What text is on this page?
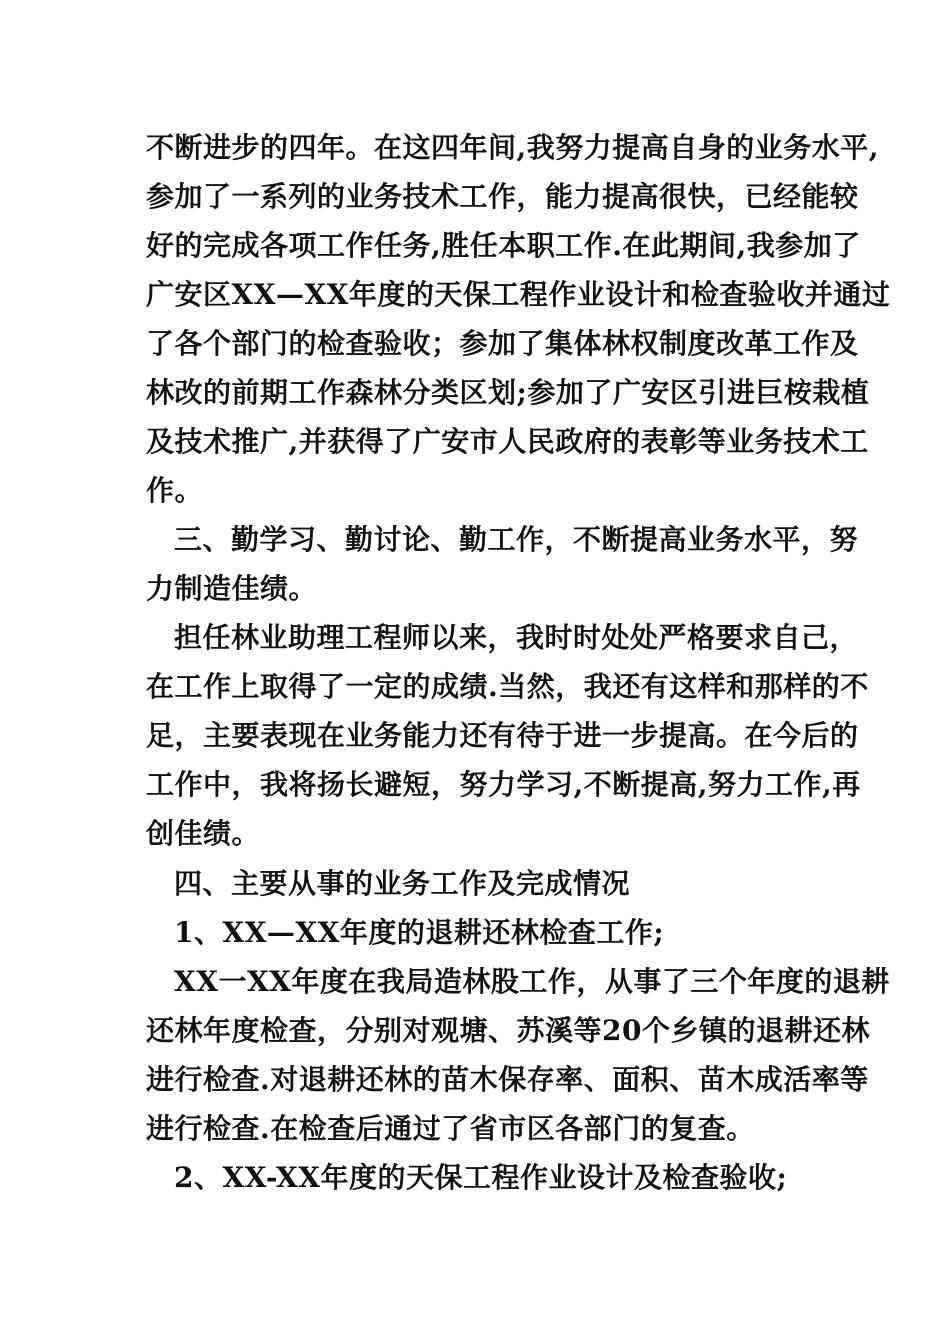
不断进步的四年。在这四年间,我努力提高自身的业务水平,
参加了一系列的业务技术工作，能力提高很快，已经能较
好的完成各项工作任务,胜任本职工作.在此期间,我参加了
广安区XX—XX年度的天保工程作业设计和检查验收并通过
了各个部门的检查验收；参加了集体林权制度改革工作及
林改的前期工作森林分类区划;参加了广安区引进巨桉栽植
及技术推广,并获得了广安市人民政府的表彰等业务技术工
作。
三、勤学习、勤讨论、勤工作，不断提高业务水平，努
力制造佳绩。
担任林业助理工程师以来，我时时处处严格要求自己，
在工作上取得了一定的成绩.当然，我还有这样和那样的不
足，主要表现在业务能力还有待于进一步提高。在今后的
工作中，我将扬长避短，努力学习,不断提高,努力工作,再
创佳绩。
四、主要从事的业务工作及完成情况
1、XX—XX年度的退耕还林检查工作;
XX一XX年度在我局造林股工作，从事了三个年度的退耕
还林年度检查，分别对观塘、苏溪等20个乡镇的退耕还林
进行检查.对退耕还林的苗木保存率、面积、苗木成活率等
进行检查.在检查后通过了省市区各部门的复查。
2、XX-XX年度的天保工程作业设计及检查验收;
